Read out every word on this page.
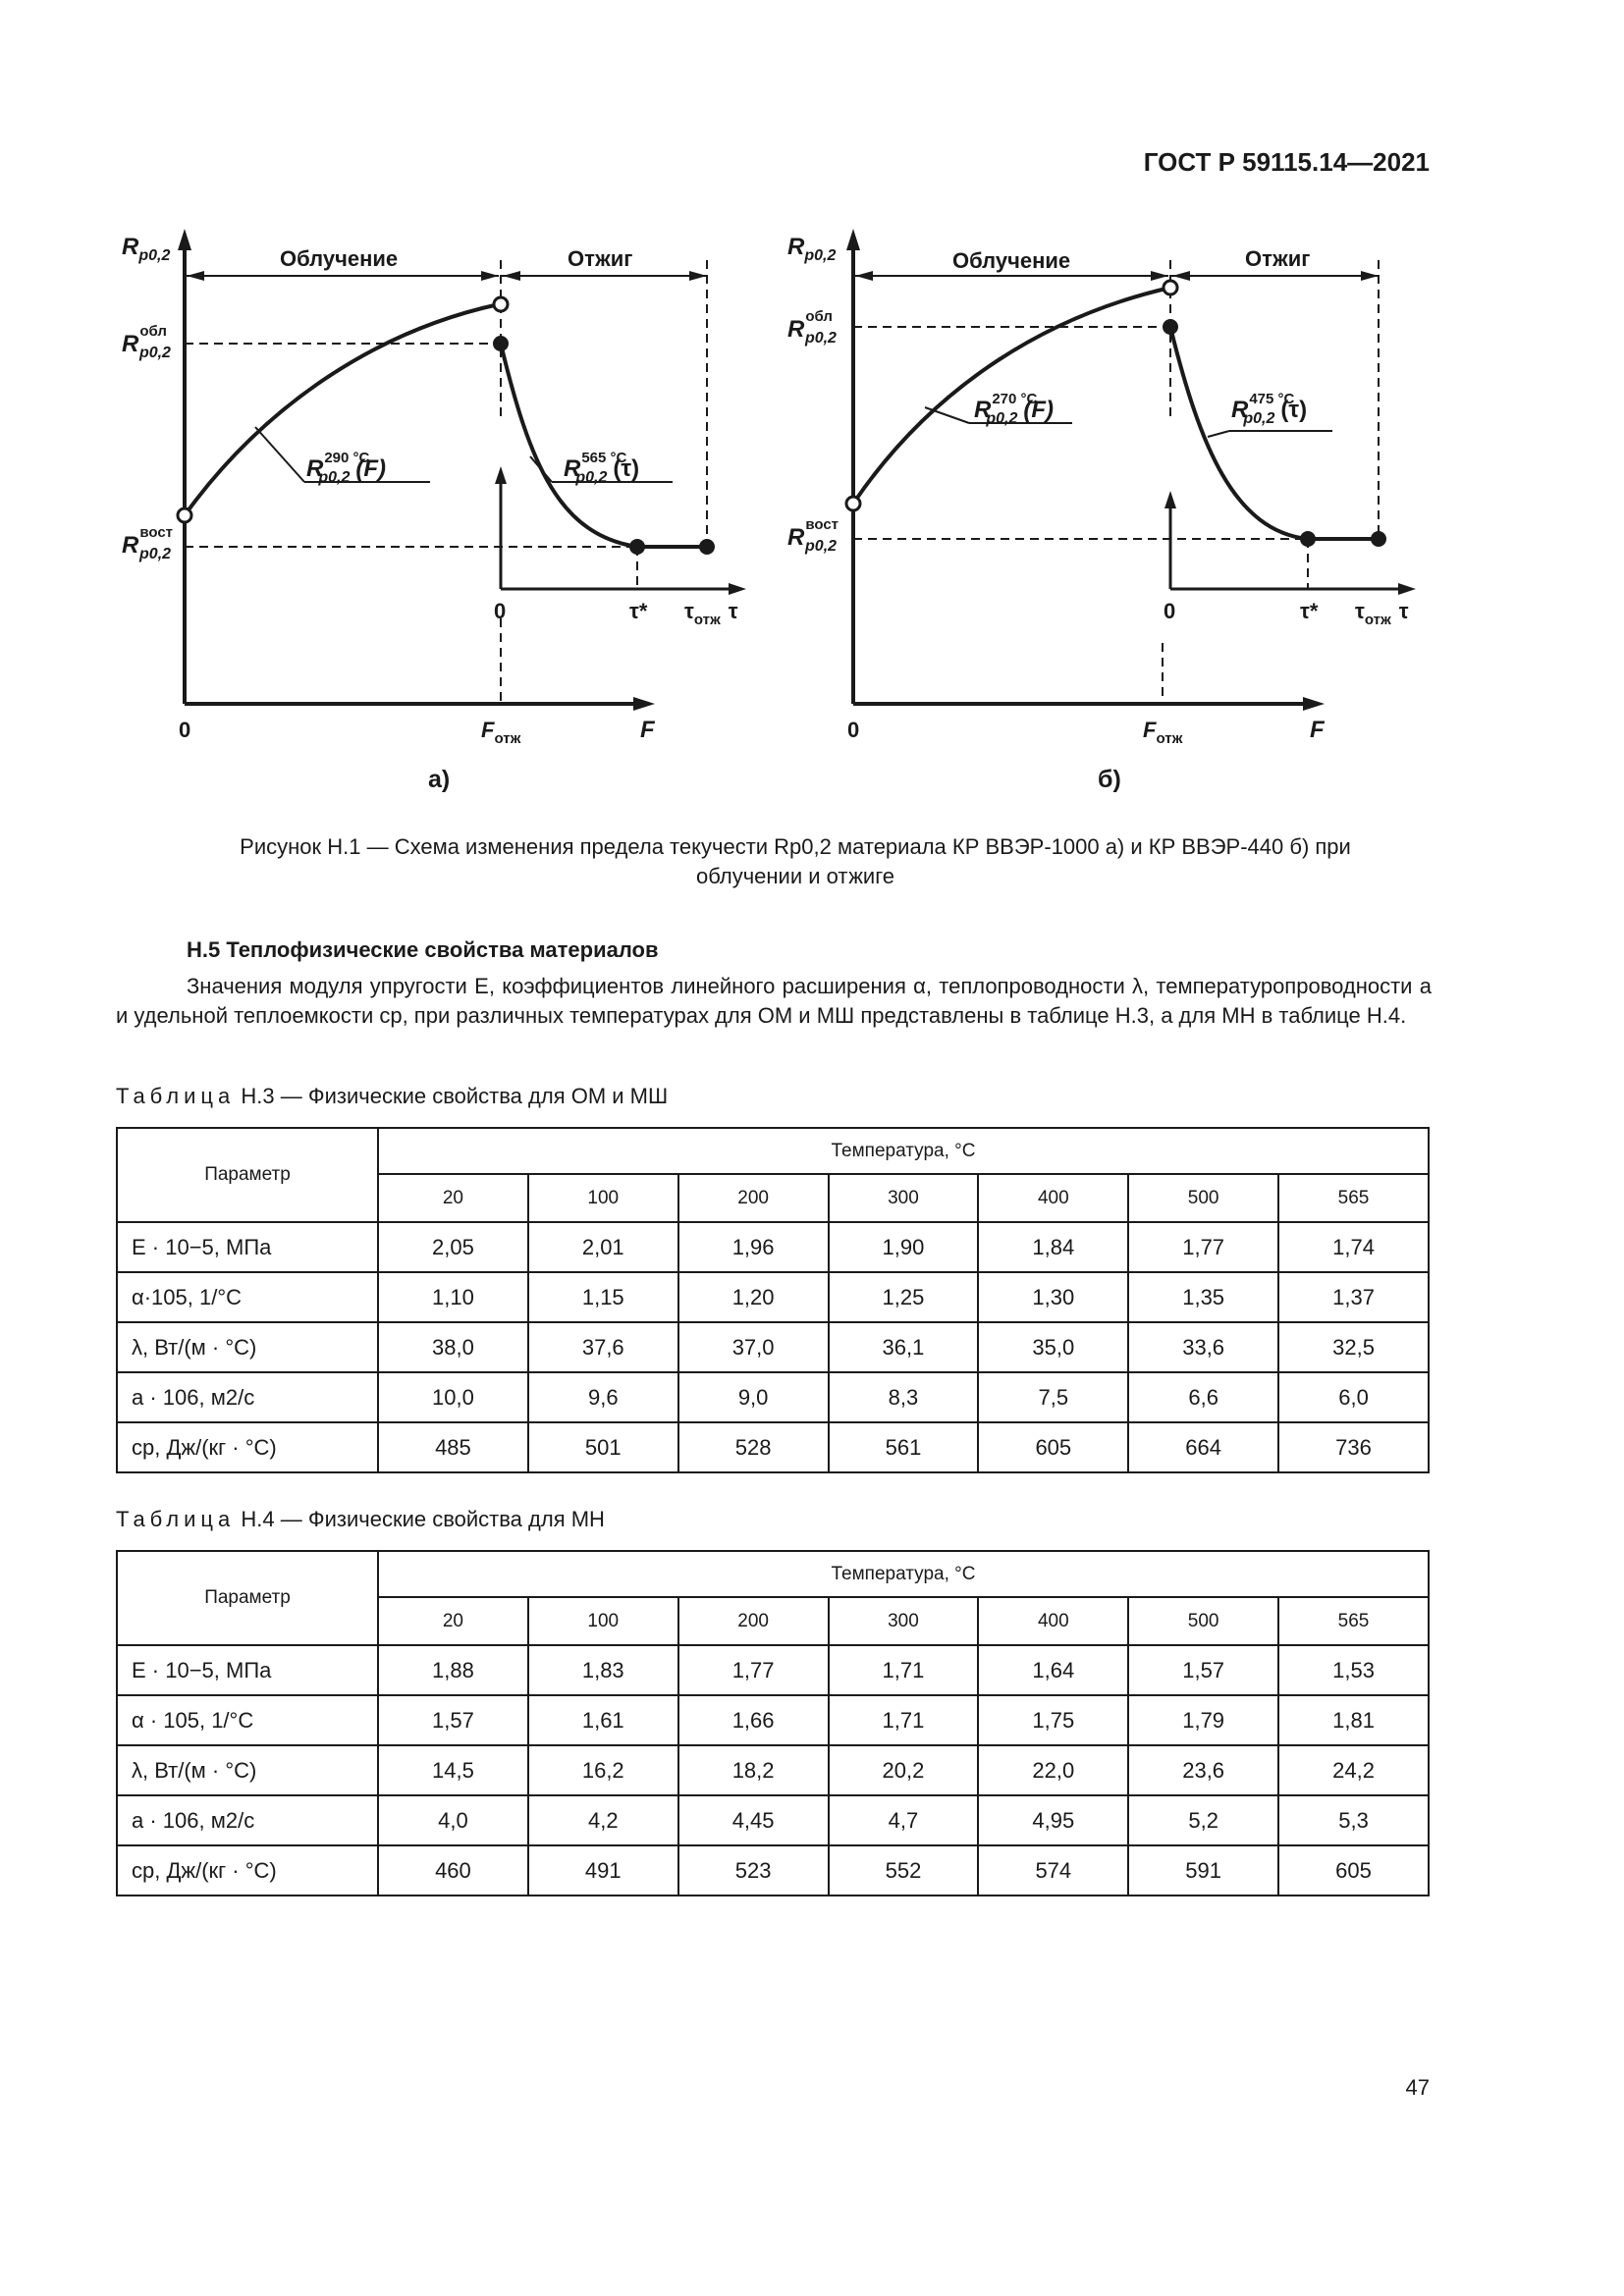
ГОСТ Р 59115.14—2021
$R_{p0,2}$	Облучение	Отжиг
$R^{обл}$ p0,2
$R^{вост}$ p0,2
$R^{290 ^\circ C}$ p0,2 (F)	$R^{565 ^\circ C}$ p0,2 (τ)
0	τ* $\tau_{отж}$ τ
0	$F_{отж}$	F
а)
$R_{p0,2}$	Облучение	Отжиг
$R^{обл}$ p0,2
$R^{вост}$ p0,2
$R^{270 ^\circ C}$ p0,2 (F)	$R^{475 ^\circ C}$ p0,2 (τ)
0	τ* $\tau_{отж}$ τ
0	$F_{отж}$	F
б)
Рисунок Н.1 — Схема изменения предела текучести Rp0,2 материала КР ВВЭР-1000 а) и КР ВВЭР-440 б) при
облучении и отжиге
Н.5 Теплофизические свойства материалов
Значения модуля упругости E, коэффициентов линейного расширения α, теплопроводности λ, температуропроводности a и удельной теплоемкости cp, при различных температурах для ОМ и МШ представлены в таблице Н.3, а для МН в таблице Н.4.
Таблица Н.3 — Физические свойства для ОМ и МШ
Параметр	Температура, °С						
	20	100	200	300	400	500	565
E · 10−5, МПа	2,05	2,01	1,96	1,90	1,84	1,77	1,74
α·105, 1/°С	1,10	1,15	1,20	1,25	1,30	1,35	1,37
λ, Вт/(м · °С)	38,0	37,6	37,0	36,1	35,0	33,6	32,5
a · 106, м2/с	10,0	9,6	9,0	8,3	7,5	6,6	6,0
cp, Дж/(кг · °С)	485	501	528	561	605	664	736
Таблица Н.4 — Физические свойства для МН
Параметр	Температура, °С						
	20	100	200	300	400	500	565
E · 10−5, МПа	1,88	1,83	1,77	1,71	1,64	1,57	1,53
α · 105, 1/°С	1,57	1,61	1,66	1,71	1,75	1,79	1,81
λ, Вт/(м · °С)	14,5	16,2	18,2	20,2	22,0	23,6	24,2
a · 106, м2/с	4,0	4,2	4,45	4,7	4,95	5,2	5,3
cp, Дж/(кг · °С)	460	491	523	552	574	591	605
47
